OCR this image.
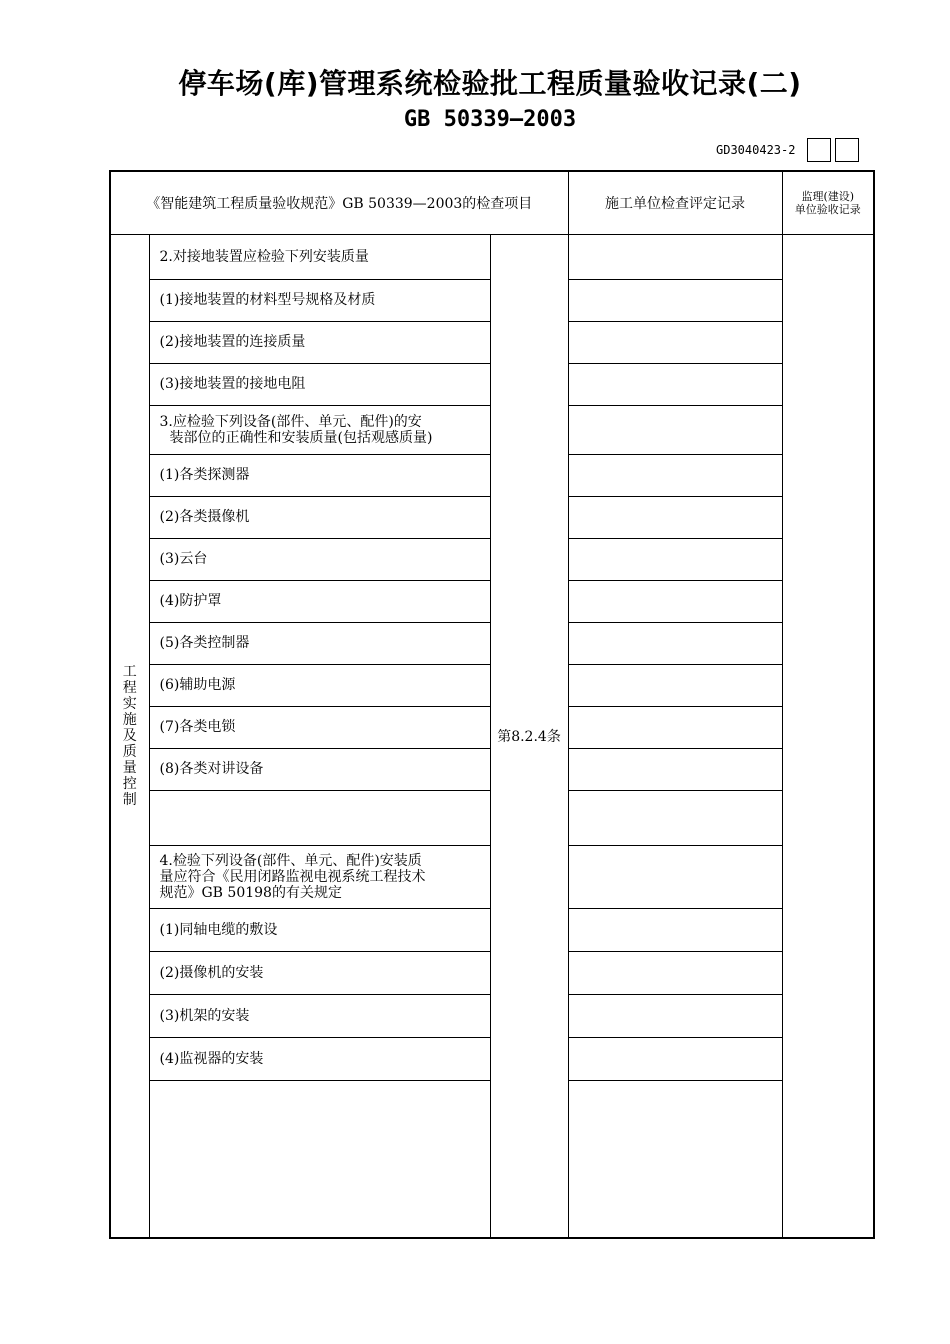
停车场(库)管理系统检验批工程质量验收记录(二)
GB 50339—2003
GD3040423-2
《智能建筑工程质量验收规范》GB 50339—2003的检查项目			施工单位检查评定记录	监理(建设)
单位验收记录

工程实施及质量控制	2.对接地装置应检验下列安装质量	第8.2.4条		
	(1)接地装置的材料型号规格及材质			
	(2)接地装置的连接质量			
	(3)接地装置的接地电阻			

	3.应检验下列设备(部件、单元、配件)的安
装部位的正确性和安装质量(包括观感质量)			

	(1)各类探测器			
	(2)各类摄像机			
	(3)云台			
	(4)防护罩			
	(5)各类控制器			
	(6)辅助电源			
	(7)各类电锁			
	(8)各类对讲设备			

	4.检验下列设备(部件、单元、配件)安装质
量应符合《民用闭路监视电视系统工程技术
规范》GB 50198的有关规定			

	(1)同轴电缆的敷设			
	(2)摄像机的安装			
	(3)机架的安装			
	(4)监视器的安装			
